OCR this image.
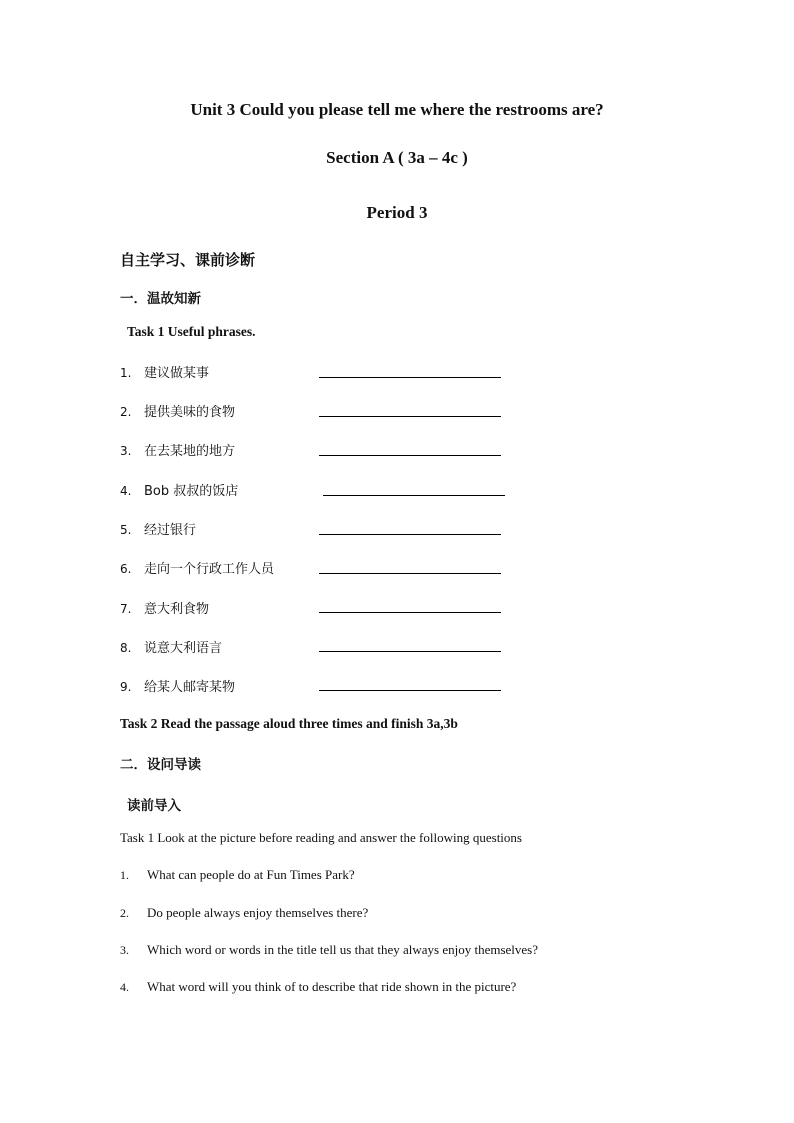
Unit 3 Could you please tell me where the restrooms are?
Section A ( 3a – 4c )
Period 3
自主学习、课前诊断
一．温故知新
Task 1 Useful phrases.
1. 建议做某事
2. 提供美味的食物
3. 在去某地的地方
4. Bob 叔叔的饭店
5. 经过银行
6. 走向一个行政工作人员
7. 意大利食物
8. 说意大利语言
9. 给某人邮寄某物
Task 2 Read the passage aloud three times and finish 3a,3b
二．设问导读
读前导入
Task 1 Look at the picture before reading and answer the following questions
1. What can people do at Fun Times Park?
2. Do people always enjoy themselves there?
3. Which word or words in the title tell us that they always enjoy themselves?
4. What word will you think of to describe that ride shown in the picture?
